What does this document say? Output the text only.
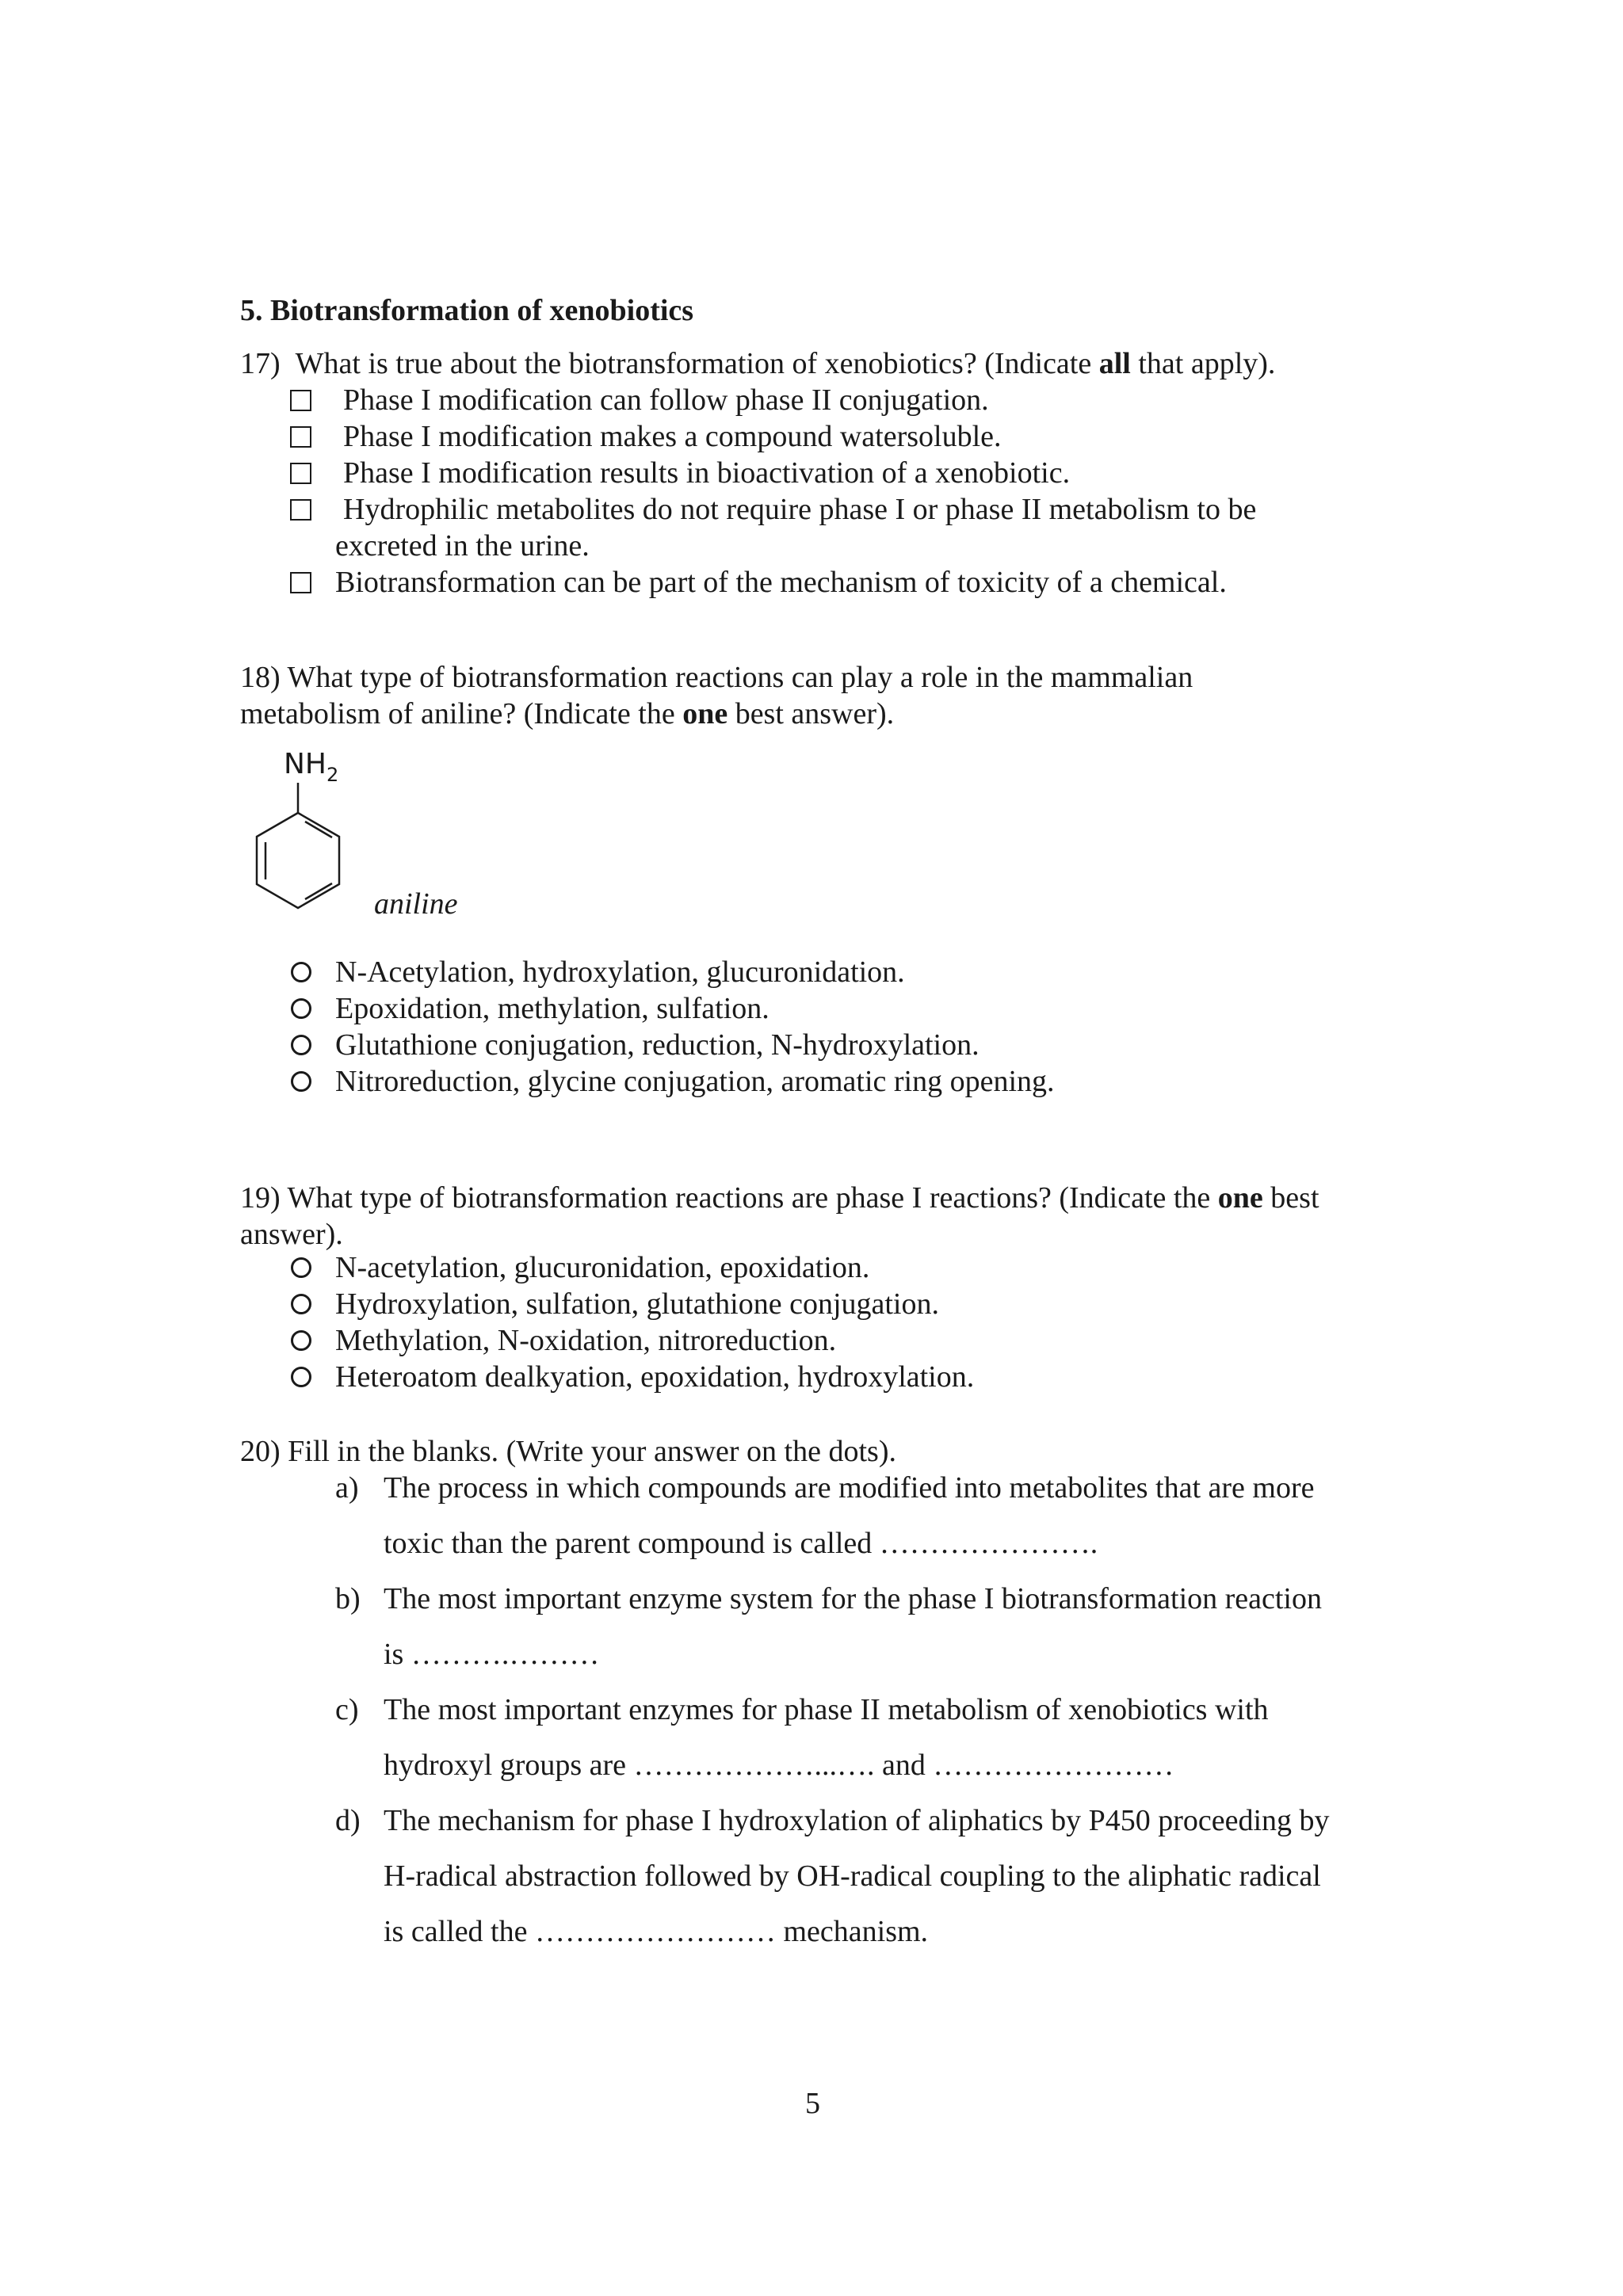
5. Biotransformation of xenobiotics
17) What is true about the biotransformation of xenobiotics? (Indicate all that apply).
Phase I modification can follow phase II conjugation.
Phase I modification makes a compound watersoluble.
Phase I modification results in bioactivation of a xenobiotic.
Hydrophilic metabolites do not require phase I or phase II metabolism to be
excreted in the urine.
Biotransformation can be part of the mechanism of toxicity of a chemical.
18) What type of biotransformation reactions can play a role in the mammalian
metabolism of aniline? (Indicate the one best answer).
$NH_2$
aniline
N-Acetylation, hydroxylation, glucuronidation.
Epoxidation, methylation, sulfation.
Glutathione conjugation, reduction, N-hydroxylation.
Nitroreduction, glycine conjugation, aromatic ring opening.
19) What type of biotransformation reactions are phase I reactions? (Indicate the one best
answer).
N-acetylation, glucuronidation, epoxidation.
Hydroxylation, sulfation, glutathione conjugation.
Methylation, N-oxidation, nitroreduction.
Heteroatom dealkyation, epoxidation, hydroxylation.
20) Fill in the blanks. (Write your answer on the dots).
a) The process in which compounds are modified into metabolites that are more
toxic than the parent compound is called ………………….
b) The most important enzyme system for the phase I biotransformation reaction
is ……….………
c) The most important enzymes for phase II metabolism of xenobiotics with
hydroxyl groups are ………………...…. and ……………………
d) The mechanism for phase I hydroxylation of aliphatics by P450 proceeding by
H-radical abstraction followed by OH-radical coupling to the aliphatic radical
is called the …………………… mechanism.
5
